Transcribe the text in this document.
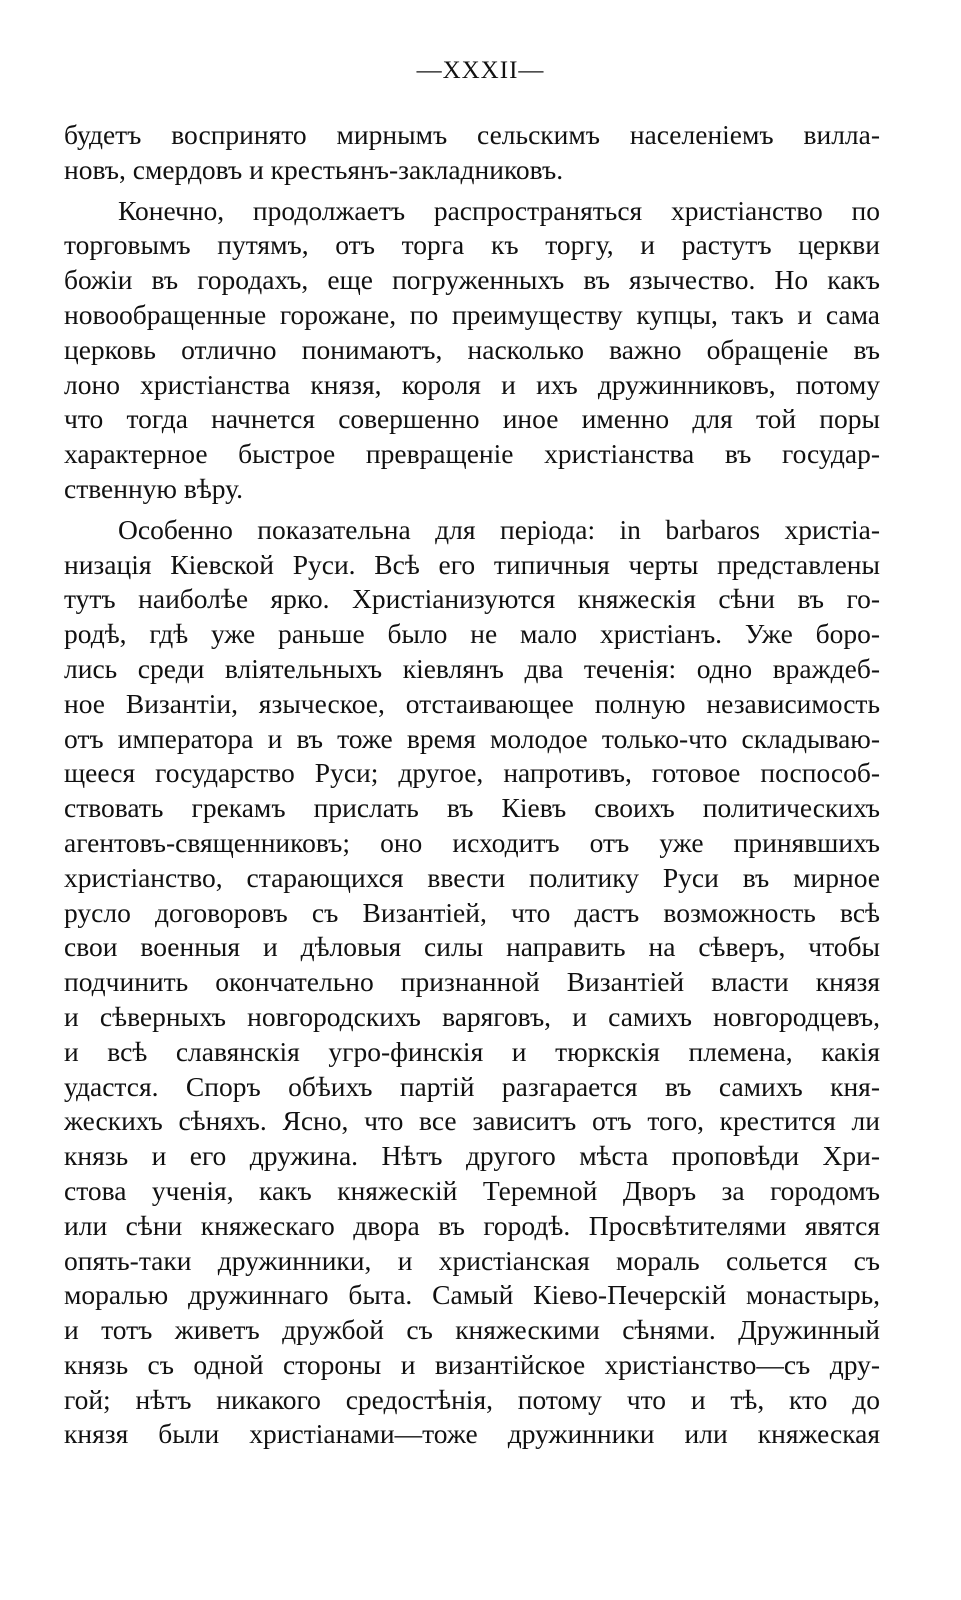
—XXXII—
будетъ воспринято мирнымъ сельскимъ населеніемъ вилла-
новъ, смердовъ и крестьянъ-закладниковъ.
Конечно, продолжаетъ распространяться христіанство по
торговымъ путямъ, отъ торга къ торгу, и растутъ церкви
божіи въ городахъ, еще погруженныхъ въ язычество. Но какъ
новообращенные горожане, по преимуществу купцы, такъ и сама
церковь отлично понимаютъ, насколько важно обращеніе въ
лоно христіанства князя, короля и ихъ дружинниковъ, потому
что тогда начнется совершенно иное именно для той поры
характерное быстрое превращеніе христіанства въ государ-
ственную вѣру.
Особенно показательна для періода: in barbaros христіа-
низація Кіевской Руси. Всѣ его типичныя черты представлены
тутъ наиболѣе ярко. Христіанизуются княжескія сѣни въ го-
родѣ, гдѣ уже раньше было не мало христіанъ. Уже боро-
лись среди вліятельныхъ кіевлянъ два теченія: одно враждеб-
ное Византіи, языческое, отстаивающее полную независимость
отъ императора и въ тоже время молодое только-что складываю-
щееся государство Руси; другое, напротивъ, готовое поспособ-
ствовать грекамъ прислать въ Кіевъ своихъ политическихъ
агентовъ-священниковъ; оно исходитъ отъ уже принявшихъ
христіанство, старающихся ввести политику Руси въ мирное
русло договоровъ съ Византіей, что дастъ возможность всѣ
свои военныя и дѣловыя силы направить на сѣверъ, чтобы
подчинить окончательно признанной Византіей власти князя
и сѣверныхъ новгородскихъ варяговъ, и самихъ новгородцевъ,
и всѣ славянскія угро-финскія и тюркскія племена, какія
удастся. Споръ обѣихъ партій разгарается въ самихъ кня-
жескихъ сѣняхъ. Ясно, что все зависитъ отъ того, крестится ли
князь и его дружина. Нѣтъ другого мѣста проповѣди Хри-
стова ученія, какъ княжескій Теремной Дворъ за городомъ
или сѣни княжескаго двора въ городѣ. Просвѣтителями явятся
опять-таки дружинники, и христіанская мораль сольется съ
моралью дружиннаго быта. Самый Кіево-Печерскій монастырь,
и тотъ живетъ дружбой съ княжескими сѣнями. Дружинный
князь съ одной стороны и византійское христіанство—съ дру-
гой; нѣтъ никакого средостѣнія, потому что и тѣ, кто до
князя были христіанами—тоже дружинники или княжеская
